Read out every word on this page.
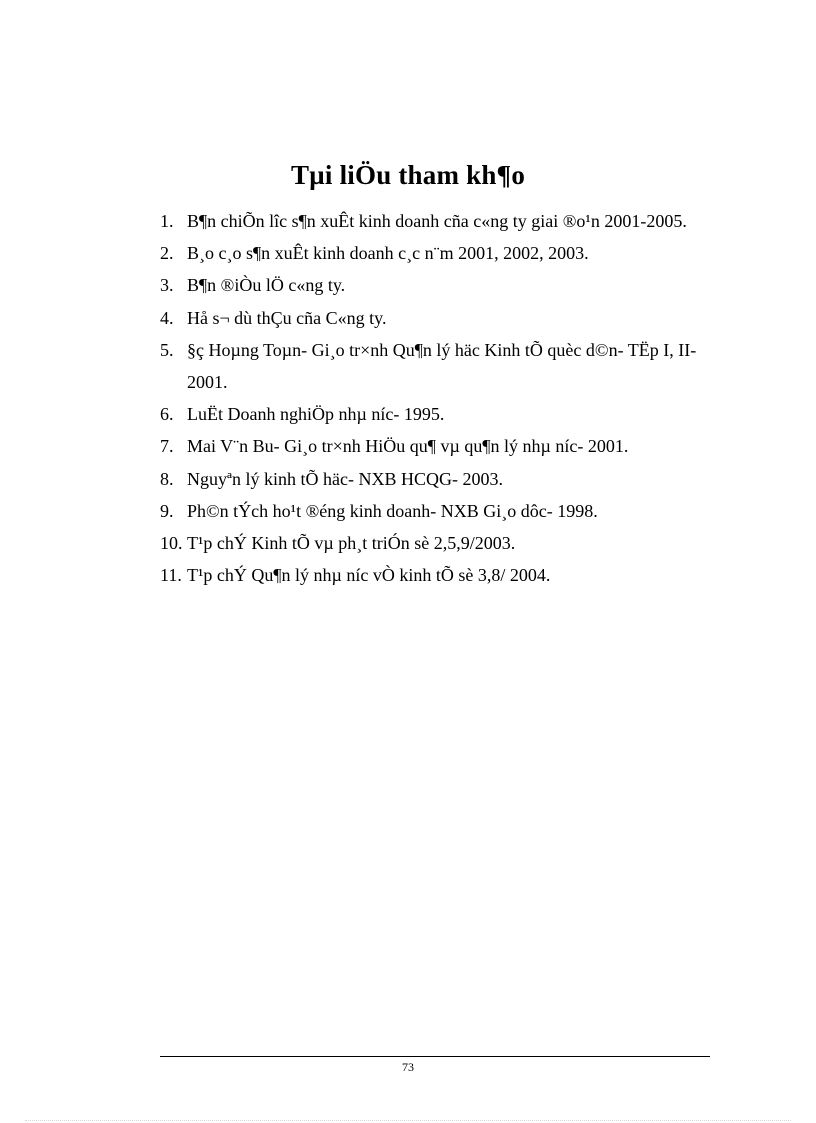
Tµi liÖu tham kh¶o
1. B¶n chiÕn lîc s¶n xuÊt kinh doanh cña c«ng ty giai ®o¹n 2001-2005.
2. B¸o c¸o s¶n xuÊt kinh doanh c¸c n¨m 2001, 2002, 2003.
3. B¶n ®iÒu lÖ c«ng ty.
4. Hå s¬ dù thÇu cña C«ng ty.
5. §ç Hoµng Toµn- Gi¸o tr×nh Qu¶n lý häc Kinh tÕ quèc d©n- TËp I, II- 2001.
6. LuËt Doanh nghiÖp nhµ níc- 1995.
7. Mai V¨n Bu- Gi¸o tr×nh HiÖu qu¶ vµ qu¶n lý nhµ níc- 2001.
8. Nguyªn lý kinh tÕ häc- NXB HCQG- 2003.
9. Ph©n tÝch ho¹t ®éng kinh doanh- NXB Gi¸o dôc- 1998.
10. T¹p chÝ Kinh tÕ vµ ph¸t triÓn sè 2,5,9/2003.
11. T¹p chÝ Qu¶n lý nhµ níc vÒ kinh tÕ sè 3,8/ 2004.
73
